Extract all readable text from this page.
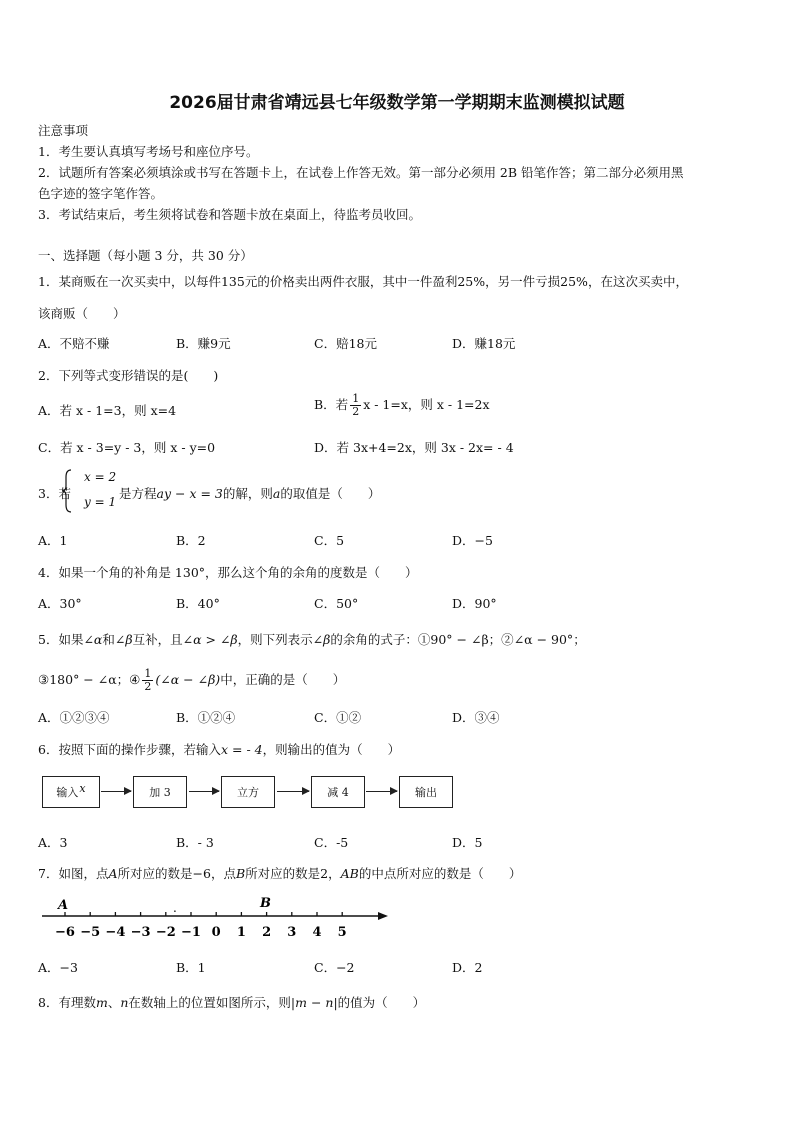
2026届甘肃省靖远县七年级数学第一学期期末监测模拟试题
注意事项
1．考生要认真填写考场号和座位序号。
2．试题所有答案必须填涂或书写在答题卡上，在试卷上作答无效。第一部分必须用 2B 铅笔作答；第二部分必须用黑
色字迹的签字笔作答。
3．考试结束后，考生须将试卷和答题卡放在桌面上，待监考员收回。
一、选择题（每小题 3 分，共 30 分）
1．某商贩在一次买卖中，以每件135元的价格卖出两件衣服，其中一件盈利25%，另一件亏损25%，在这次买卖中，
该商贩（　　）
A．不赔不赚	B．赚9元	C．赔18元	D．赚18元
2．下列等式变形错误的是(　　)
A．若 x - 1=3，则 x=4	B．若 $\frac{1}{2}$ x - 1=x，则 x - 1=2x
C．若 x - 3=y - 3，则 x - y=0	D．若 3x+4=2x，则 3x - 2x= - 4
3．若
x = 2
y = 1
是方程ay − x = 3的解，则a的取值是（　　）
A．1	B．2	C．5	D．−5
4．如果一个角的补角是 130°，那么这个角的余角的度数是（　　）
A．30°	B．40°	C．50°	D．90°
5．如果∠α和∠β互补，且∠α > ∠β，则下列表示∠β的余角的式子：①90° − ∠β；②∠α − 90°；
③180° − ∠α；④ $\frac{1}{2}$ (∠α − ∠β)中，正确的是（　　）
A．①②③④	B．①②④	C．①②	D．③④
6．按照下面的操作步骤，若输入x = - 4，则输出的值为（　　）
输入 x	加 3	立方	减 4	输出
A．3	B．- 3	C．-5	D．5
7．如图，点A所对应的数是−6，点B所对应的数是2，AB的中点所对应的数是（　　）
−6 −5 −4 −3 −2 −1 0 1 2 3 4 5
A	B
.
A．−3	B．1	C．−2	D．2
8．有理数m、n在数轴上的位置如图所示，则|m − n|的值为（　　）
